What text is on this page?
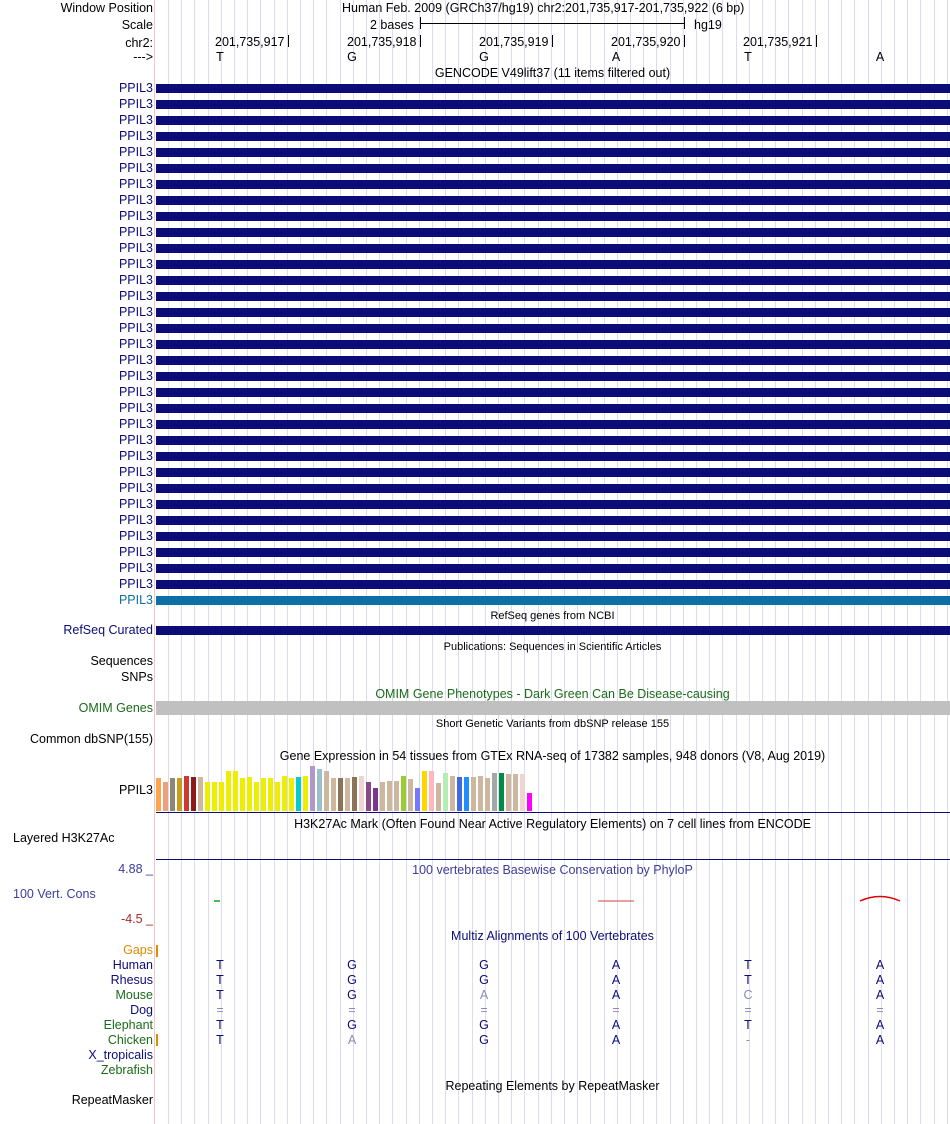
Window Position	Human Feb. 2009 (GRCh37/hg19) chr2:201,735,917-201,735,922 (6 bp)
Scale	2 bases	hg19
chr2:	201,735,917	201,735,918	201,735,919	201,735,920	201,735,921
--->	T	G	G	A	T	A
GENCODE V49lift37 (11 items filtered out)
PPIL3
PPIL3
PPIL3
PPIL3
PPIL3
PPIL3
PPIL3
PPIL3
PPIL3
PPIL3
PPIL3
PPIL3
PPIL3
PPIL3
PPIL3
PPIL3
PPIL3
PPIL3
PPIL3
PPIL3
PPIL3
PPIL3
PPIL3
PPIL3
PPIL3
PPIL3
PPIL3
PPIL3
PPIL3
PPIL3
PPIL3
PPIL3
PPIL3
RefSeq genes from NCBI
RefSeq Curated
Publications: Sequences in Scientific Articles
Sequences
SNPs
OMIM Gene Phenotypes - Dark Green Can Be Disease-causing
OMIM Genes
Short Genetic Variants from dbSNP release 155
Common dbSNP(155)
Gene Expression in 54 tissues from GTEx RNA-seq of 17382 samples, 948 donors (V8, Aug 2019)
PPIL3
H3K27Ac Mark (Often Found Near Active Regulatory Elements) on 7 cell lines from ENCODE
Layered H3K27Ac
100 vertebrates Basewise Conservation by PhyloP
4.88 _
100 Vert. Cons
-4.5 _
Multiz Alignments of 100 Vertebrates
Gaps
Human	T	G	G	A	T	A
Rhesus	T	G	G	A	T	A
Mouse	T	G	A	A	C	A
Dog	=	=	=	=	=	=
Elephant	T	G	G	A	T	A
Chicken	T	A	G	A	-	A
X_tropicalis
Zebrafish
Repeating Elements by RepeatMasker
RepeatMasker
